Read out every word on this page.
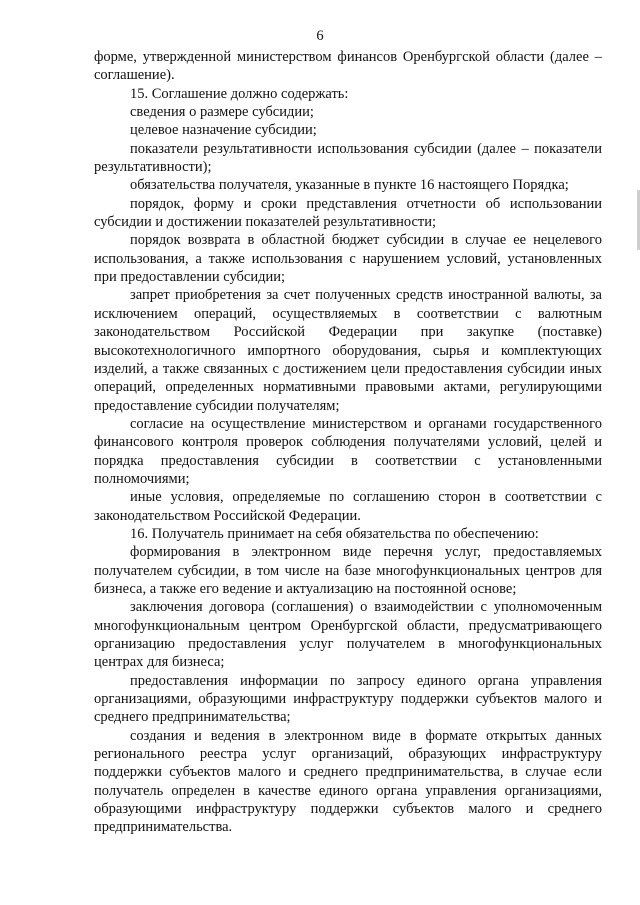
6

форме, утвержденной министерством финансов Оренбургской области (далее – соглашение).

15. Соглашение должно содержать:

сведения о размере субсидии;

целевое назначение субсидии;

показатели результативности использования субсидии (далее – показатели результативности);

обязательства получателя, указанные в пункте 16 настоящего Порядка;

порядок, форму и сроки представления отчетности об использовании субсидии и достижении показателей результативности;

порядок возврата в областной бюджет субсидии в случае ее нецелевого использования, а также использования с нарушением условий, установленных при предоставлении субсидии;

запрет приобретения за счет полученных средств иностранной валюты, за исключением операций, осуществляемых в соответствии с валютным законодательством Российской Федерации при закупке (поставке) высокотехнологичного импортного оборудования, сырья и комплектующих изделий, а также связанных с достижением цели предоставления субсидии иных операций, определенных нормативными правовыми актами, регулирующими предоставление субсидии получателям;

согласие на осуществление министерством и органами государственного финансового контроля проверок соблюдения получателями условий, целей и порядка предоставления субсидии в соответствии с установленными полномочиями;

иные условия, определяемые по соглашению сторон в соответствии с законодательством Российской Федерации.

16. Получатель принимает на себя обязательства по обеспечению:

формирования в электронном виде перечня услуг, предоставляемых получателем субсидии, в том числе на базе многофункциональных центров для бизнеса, а также его ведение и актуализацию на постоянной основе;

заключения договора (соглашения) о взаимодействии с уполномоченным многофункциональным центром Оренбургской области, предусматривающего организацию предоставления услуг получателем в многофункциональных центрах для бизнеса;

предоставления информации по запросу единого органа управления организациями, образующими инфраструктуру поддержки субъектов малого и среднего предпринимательства;

создания и ведения в электронном виде в формате открытых данных регионального реестра услуг организаций, образующих инфраструктуру поддержки субъектов малого и среднего предпринимательства, в случае если получатель определен в качестве единого органа управления организациями, образующими инфраструктуру поддержки субъектов малого и среднего предпринимательства.
